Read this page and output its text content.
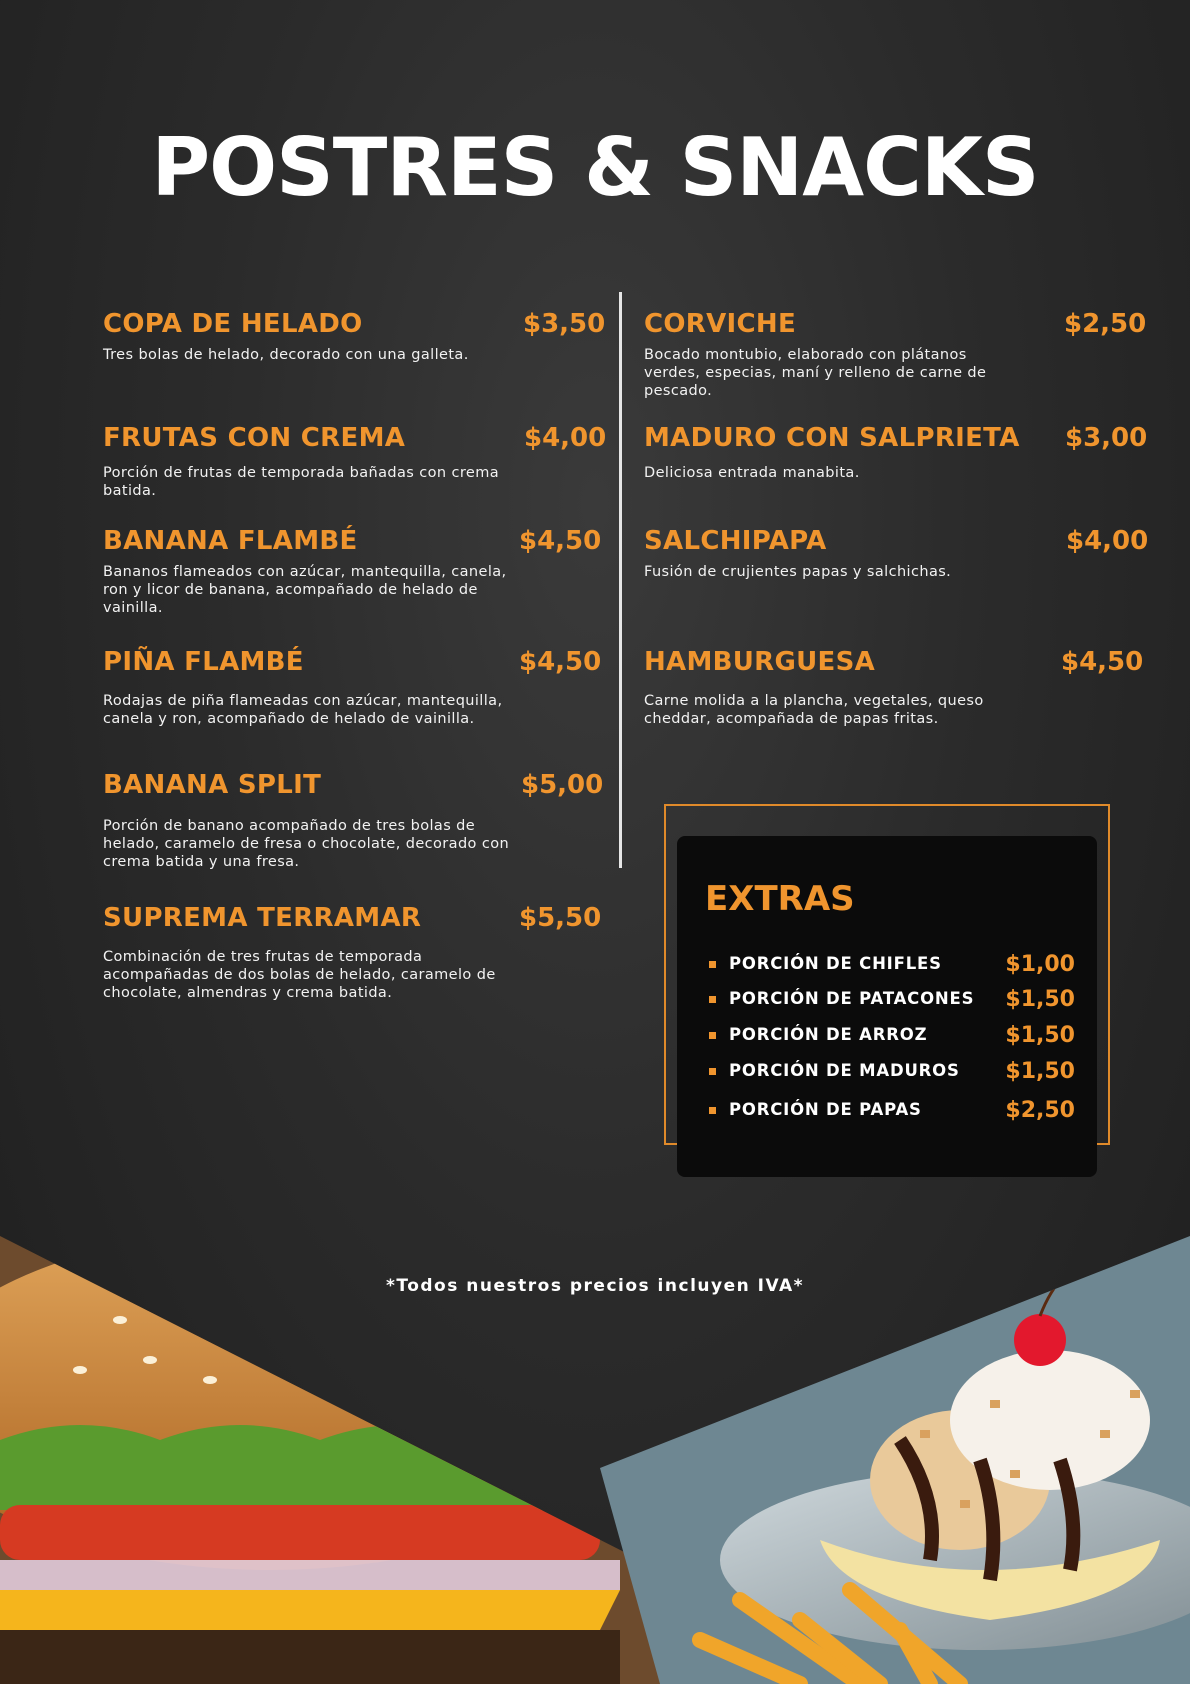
POSTRES & SNACKS
COPA DE HELADO	$3,50
Tres bolas de helado, decorado con una galleta.
FRUTAS CON CREMA	$4,00
Porción de frutas de temporada bañadas con crema batida.
BANANA FLAMBÉ	$4,50
Bananos flameados con azúcar, mantequilla, canela, ron y licor de banana, acompañado de helado de vainilla.
PIÑA FLAMBÉ	$4,50
Rodajas de piña flameadas con azúcar, mantequilla, canela y ron, acompañado de helado de vainilla.
BANANA SPLIT	$5,00
Porción de banano acompañado de tres bolas de helado, caramelo de fresa o chocolate, decorado con crema batida y una fresa.
SUPREMA TERRAMAR	$5,50
Combinación de tres frutas de temporada acompañadas de dos bolas de helado, caramelo de chocolate, almendras y crema batida.
CORVICHE	$2,50
Bocado montubio, elaborado con plátanos verdes, especias, maní y relleno de carne de pescado.
MADURO CON SALPRIETA $3,00
Deliciosa entrada manabita.
SALCHIPAPA	$4,00
Fusión de crujientes papas y salchichas.
HAMBURGUESA	$4,50
Carne molida a la plancha, vegetales, queso cheddar, acompañada de papas fritas.
EXTRAS
PORCIÓN DE CHIFLES	$1,00
PORCIÓN DE PATACONES $1,50
PORCIÓN DE ARROZ	$1,50
PORCIÓN DE MADUROS $1,50
PORCIÓN DE PAPAS	$2,50
*Todos nuestros precios incluyen IVA*
